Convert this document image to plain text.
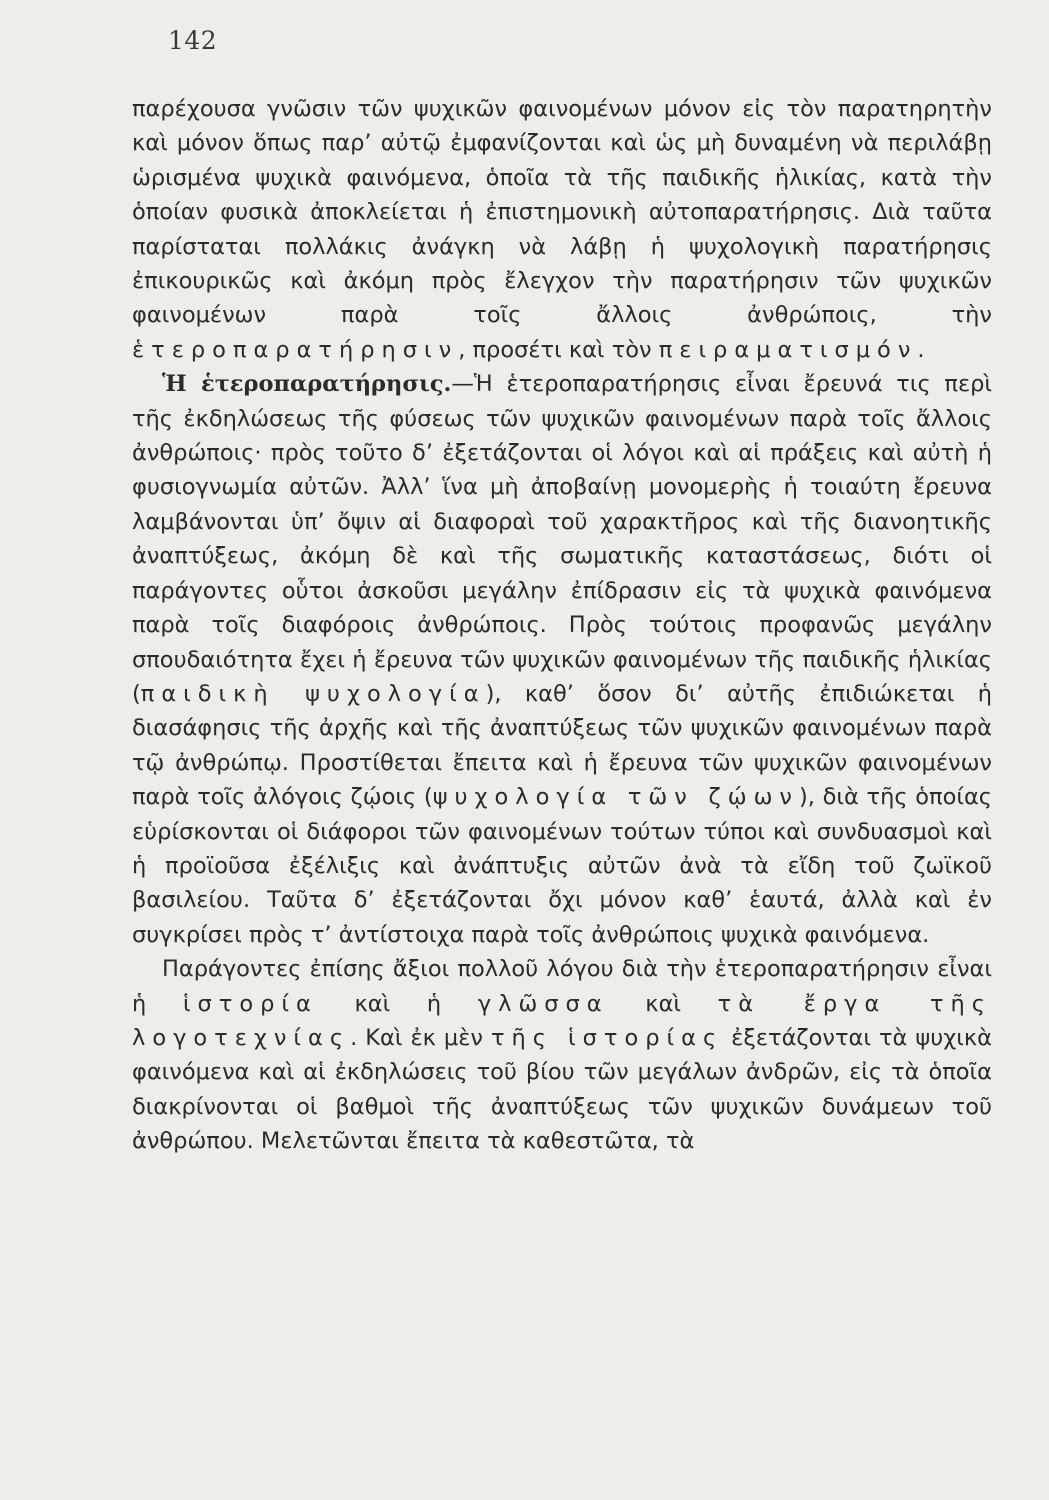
142

παρέχουσα γνῶσιν τῶν ψυχικῶν φαινομένων μόνον εἰς τὸν παρατηρητὴν καὶ μόνον ὅπως παρ’ αὐτῷ ἐμφανίζονται καὶ ὡς μὴ δυναμένη νὰ περιλάβῃ ὡρισμένα ψυχικὰ φαινόμενα, ὁποῖα τὰ τῆς παιδικῆς ἡλικίας, κατὰ τὴν ὁποίαν φυσικὰ ἀποκλείεται ἡ ἐπιστημονικὴ αὐτοπαρατήρησις. Διὰ ταῦτα παρίσταται πολλάκις ἀνάγκη νὰ λάβῃ ἡ ψυχολογικὴ παρατήρησις ἐπικουρικῶς καὶ ἀκόμη πρὸς ἔλεγχον τὴν παρατήρησιν τῶν ψυχικῶν φαινομένων παρὰ τοῖς ἄλλοις ἀνθρώποις, τὴν ἑτεροπαρατήρησιν, προσέτι καὶ τὸν πειραματισμόν.

Ἡ ἑτεροπαρατήρησις.—Ἡ ἑτεροπαρατήρησις εἶναι ἔρευνά τις περὶ τῆς ἐκδηλώσεως τῆς φύσεως τῶν ψυχικῶν φαινομένων παρὰ τοῖς ἄλλοις ἀνθρώποις· πρὸς τοῦτο δ’ ἐξετάζονται οἱ λόγοι καὶ αἱ πράξεις καὶ αὐτὴ ἡ φυσιογνωμία αὐτῶν. Ἀλλ’ ἵνα μὴ ἀποβαίνῃ μονομερὴς ἡ τοιαύτη ἔρευνα λαμβάνονται ὑπ’ ὄψιν αἱ διαφοραὶ τοῦ χαρακτῆρος καὶ τῆς διανοητικῆς ἀναπτύξεως, ἀκόμη δὲ καὶ τῆς σωματικῆς καταστάσεως, διότι οἱ παράγοντες οὗτοι ἀσκοῦσι μεγάλην ἐπίδρασιν εἰς τὰ ψυχικὰ φαινόμενα παρὰ τοῖς διαφόροις ἀνθρώποις. Πρὸς τούτοις προφανῶς μεγάλην σπουδαιότητα ἔχει ἡ ἔρευνα τῶν ψυχικῶν φαινομένων τῆς παιδικῆς ἡλικίας (παιδικὴ ψυχολογία), καθ’ ὅσον δι’ αὐτῆς ἐπιδιώκεται ἡ διασάφησις τῆς ἀρχῆς καὶ τῆς ἀναπτύξεως τῶν ψυχικῶν φαινομένων παρὰ τῷ ἀνθρώπῳ. Προστίθεται ἔπειτα καὶ ἡ ἔρευνα τῶν ψυχικῶν φαινομένων παρὰ τοῖς ἀλόγοις ζῴοις (ψυχολογία τῶν ζῴων), διὰ τῆς ὁποίας εὑρίσκονται οἱ διάφοροι τῶν φαινομένων τούτων τύποι καὶ συνδυασμοὶ καὶ ἡ προϊοῦσα ἐξέλιξις καὶ ἀνάπτυξις αὐτῶν ἀνὰ τὰ εἴδη τοῦ ζωϊκοῦ βασιλείου. Ταῦτα δ’ ἐξετάζονται ὄχι μόνον καθ’ ἑαυτά, ἀλλὰ καὶ ἐν συγκρίσει πρὸς τ’ ἀντίστοιχα παρὰ τοῖς ἀνθρώποις ψυχικὰ φαινόμενα.

Παράγοντες ἐπίσης ἄξιοι πολλοῦ λόγου διὰ τὴν ἑτεροπαρατήρησιν εἶναι ἡ ἱστορία καὶ ἡ γλῶσσα καὶ τὰ ἔργα τῆς λογοτεχνίας. Καὶ ἐκ μὲν τῆς ἱστορίας ἐξετάζονται τὰ ψυχικὰ φαινόμενα καὶ αἱ ἐκδηλώσεις τοῦ βίου τῶν μεγάλων ἀνδρῶν, εἰς τὰ ὁποῖα διακρίνονται οἱ βαθμοὶ τῆς ἀναπτύξεως τῶν ψυχικῶν δυνάμεων τοῦ ἀνθρώπου. Μελετῶνται ἔπειτα τὰ καθεστῶτα, τὰ
